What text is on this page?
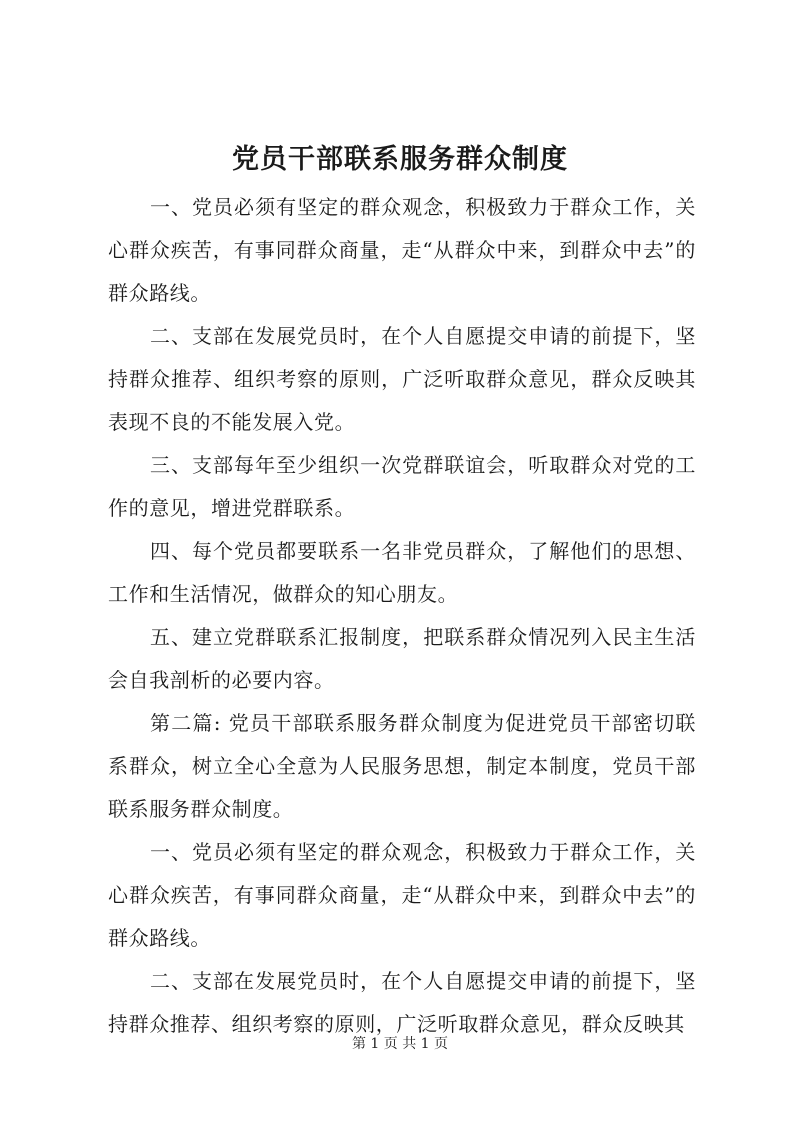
党员干部联系服务群众制度

一、党员必须有坚定的群众观念，积极致力于群众工作，关心群众疾苦，有事同群众商量，走“从群众中来，到群众中去”的群众路线。

二、支部在发展党员时，在个人自愿提交申请的前提下，坚持群众推荐、组织考察的原则，广泛听取群众意见，群众反映其表现不良的不能发展入党。

三、支部每年至少组织一次党群联谊会，听取群众对党的工作的意见，增进党群联系。

四、每个党员都要联系一名非党员群众，了解他们的思想、工作和生活情况，做群众的知心朋友。

五、建立党群联系汇报制度，把联系群众情况列入民主生活会自我剖析的必要内容。

第二篇: 党员干部联系服务群众制度为促进党员干部密切联系群众，树立全心全意为人民服务思想，制定本制度，党员干部联系服务群众制度。

一、党员必须有坚定的群众观念，积极致力于群众工作，关心群众疾苦，有事同群众商量，走“从群众中来，到群众中去”的群众路线。

二、支部在发展党员时，在个人自愿提交申请的前提下，坚持群众推荐、组织考察的原则，广泛听取群众意见，群众反映其

第 1 页 共 1 页
